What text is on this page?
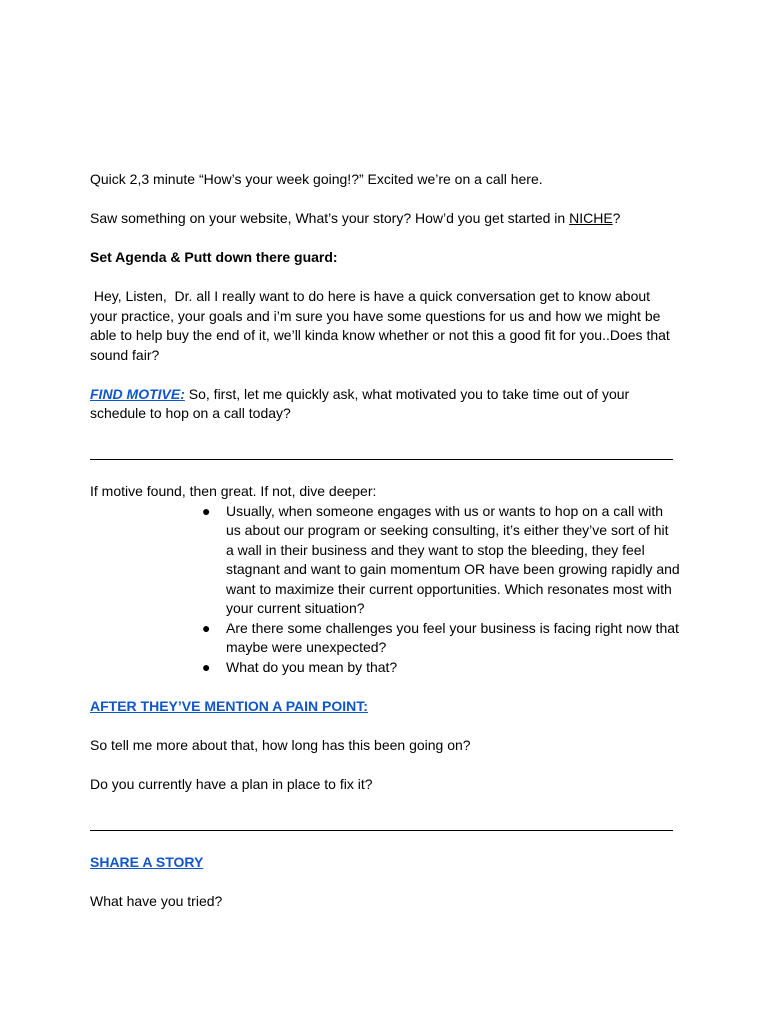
Quick 2,3 minute “How’s your week going!?” Excited we’re on a call here.

Saw something on your website, What’s your story? How’d you get started in NICHE?

Set Agenda & Putt down there guard:

Hey, Listen,  Dr. all I really want to do here is have a quick conversation get to know about your practice, your goals and i’m sure you have some questions for us and how we might be able to help buy the end of it, we’ll kinda know whether or not this a good fit for you..Does that sound fair?

FIND MOTIVE: So, first, let me quickly ask, what motivated you to take time out of your schedule to hop on a call today?

If motive found, then great. If not, dive deeper:
● Usually, when someone engages with us or wants to hop on a call with us about our program or seeking consulting, it’s either they’ve sort of hit a wall in their business and they want to stop the bleeding, they feel stagnant and want to gain momentum OR have been growing rapidly and want to maximize their current opportunities. Which resonates most with your current situation?
● Are there some challenges you feel your business is facing right now that maybe were unexpected?
● What do you mean by that?

AFTER THEY’VE MENTION A PAIN POINT:

So tell me more about that, how long has this been going on?

Do you currently have a plan in place to fix it?

SHARE A STORY

What have you tried?
